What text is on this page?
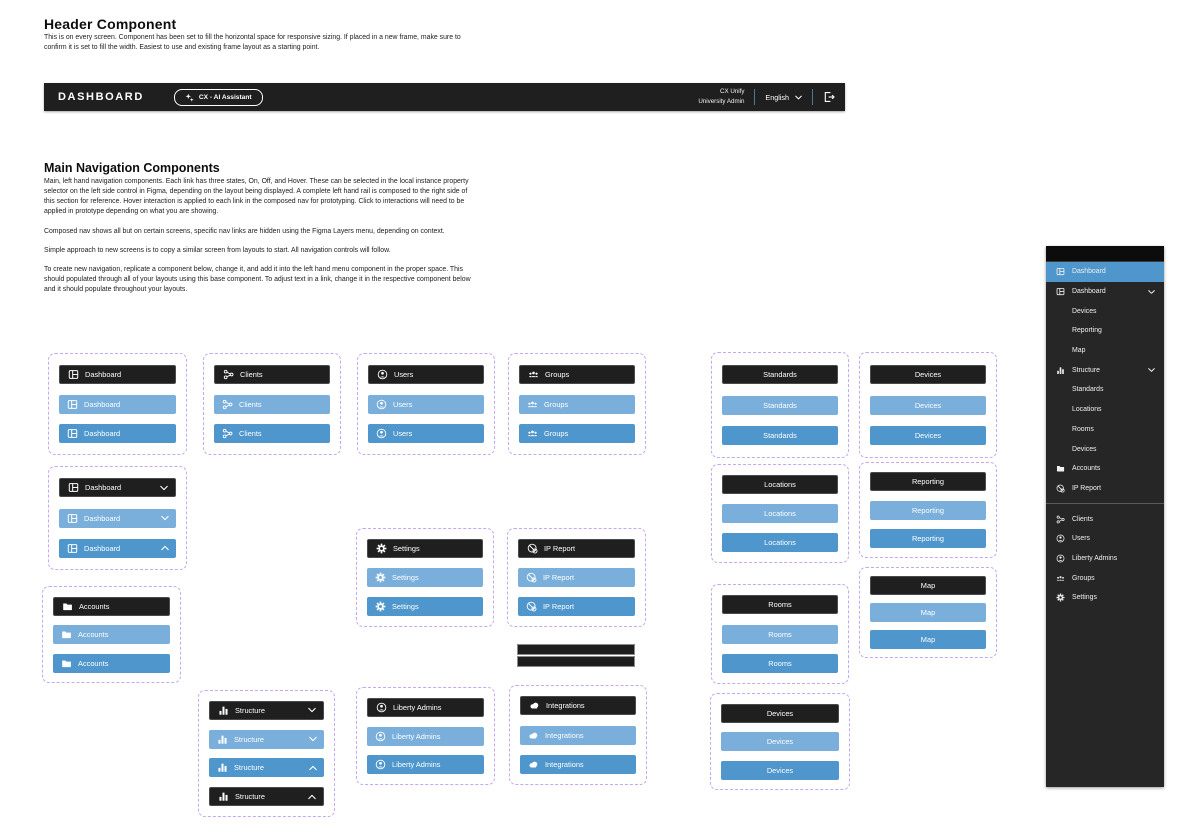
Header Component
This is on every screen. Component has been set to fill the horizontal space for responsive sizing. If placed in a new frame, make sure to confirm it is set to fill the width. Easiest to use and existing frame layout as a starting point.
DASHBOARD	CX - AI Assistant
CX Unify
University Admin	English
Main Navigation Components

Main, left hand navigation components. Each link has three states, On, Off, and Hover. These can be selected in the local instance property selector on the left side control in Figma, depending on the layout being displayed. A complete left hand rail is composed to the right side of this section for reference. Hover interaction is applied to each link in the composed nav for prototyping. Click to interactions will need to be applied in prototype depending on what you are showing.

Composed nav shows all but on certain screens, specific nav links are hidden using the Figma Layers menu, depending on context.

Simple approach to new screens is to copy a similar screen from layouts to start. All navigation controls will follow.

To create new navigation, replicate a component below, change it, and add it into the left hand menu component in the proper space. This should populated through all of your layouts using this base component. To adjust text in a link, change it in the respective component below and it should populate throughout your layouts.

Dashboard
Dashboard
Dashboard
Clients
Clients
Clients
Users
Users
Users
Groups
Groups
Groups
Standards
Standards
Standards
Devices
Devices
Devices
Dashboard
Dashboard
Dashboard
Locations
Locations
Locations
Reporting
Reporting
Reporting
Settings
Settings
Settings
IP Report
IP Report
IP Report	Rooms
Rooms
Rooms
Map
Map
Map
Accounts
Accounts
Accounts
Structure
Structure
Structure
Structure
Liberty Admins
Liberty Admins
Liberty Admins
Integrations
Integrations
Integrations
Devices
Devices
Devices
Dashboard
Dashboard
Devices
Reporting
Map
Structure
Standards
Locations
Rooms
Devices
Accounts
IP Report
Clients
Users
Liberty Admins
Groups
Settings
